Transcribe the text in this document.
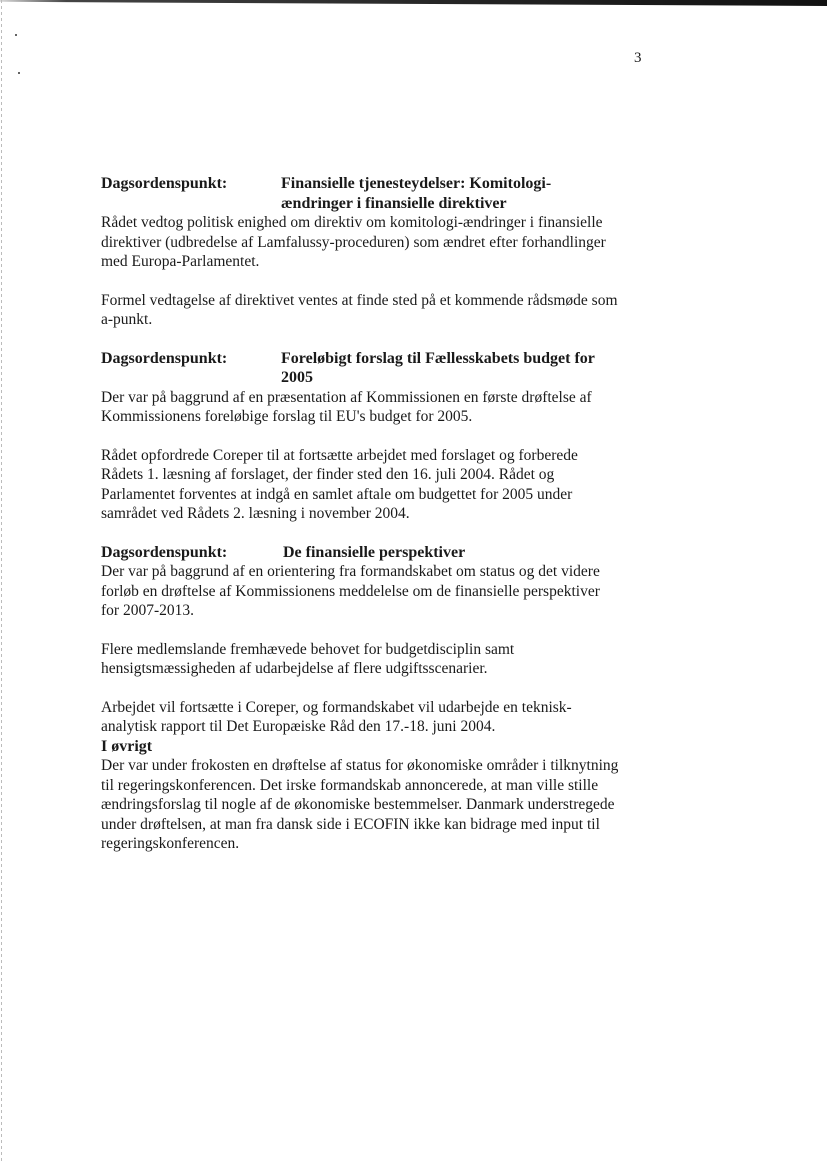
3
Dagsordenspunkt:	Finansielle tjenesteydelser: Komitologi-ændringer i finansielle direktiver

Rådet vedtog politisk enighed om direktiv om komitologi-ændringer i finansielle direktiver (udbredelse af Lamfalussy-proceduren) som ændret efter forhandlinger med Europa-Parlamentet.

Formel vedtagelse af direktivet ventes at finde sted på et kommende rådsmøde som a-punkt.

Dagsordenspunkt:	Foreløbigt forslag til Fællesskabets budget for 2005

Der var på baggrund af en præsentation af Kommissionen en første drøftelse af Kommissionens foreløbige forslag til EU's budget for 2005.

Rådet opfordrede Coreper til at fortsætte arbejdet med forslaget og forberede Rådets 1. læsning af forslaget, der finder sted den 16. juli 2004. Rådet og Parlamentet forventes at indgå en samlet aftale om budgettet for 2005 under samrådet ved Rådets 2. læsning i november 2004.

Dagsordenspunkt:	De finansielle perspektiver

Der var på baggrund af en orientering fra formandskabet om status og det videre forløb en drøftelse af Kommissionens meddelelse om de finansielle perspektiver for 2007-2013.

Flere medlemslande fremhævede behovet for budgetdisciplin samt hensigtsmæssigheden af udarbejdelse af flere udgiftsscenarier.

Arbejdet vil fortsætte i Coreper, og formandskabet vil udarbejde en teknisk-analytisk rapport til Det Europæiske Råd den 17.-18. juni 2004.

I øvrigt

Der var under frokosten en drøftelse af status for økonomiske områder i tilknytning til regeringskonferencen. Det irske formandskab annoncerede, at man ville stille ændringsforslag til nogle af de økonomiske bestemmelser. Danmark understregede under drøftelsen, at man fra dansk side i ECOFIN ikke kan bidrage med input til regeringskonferencen.
